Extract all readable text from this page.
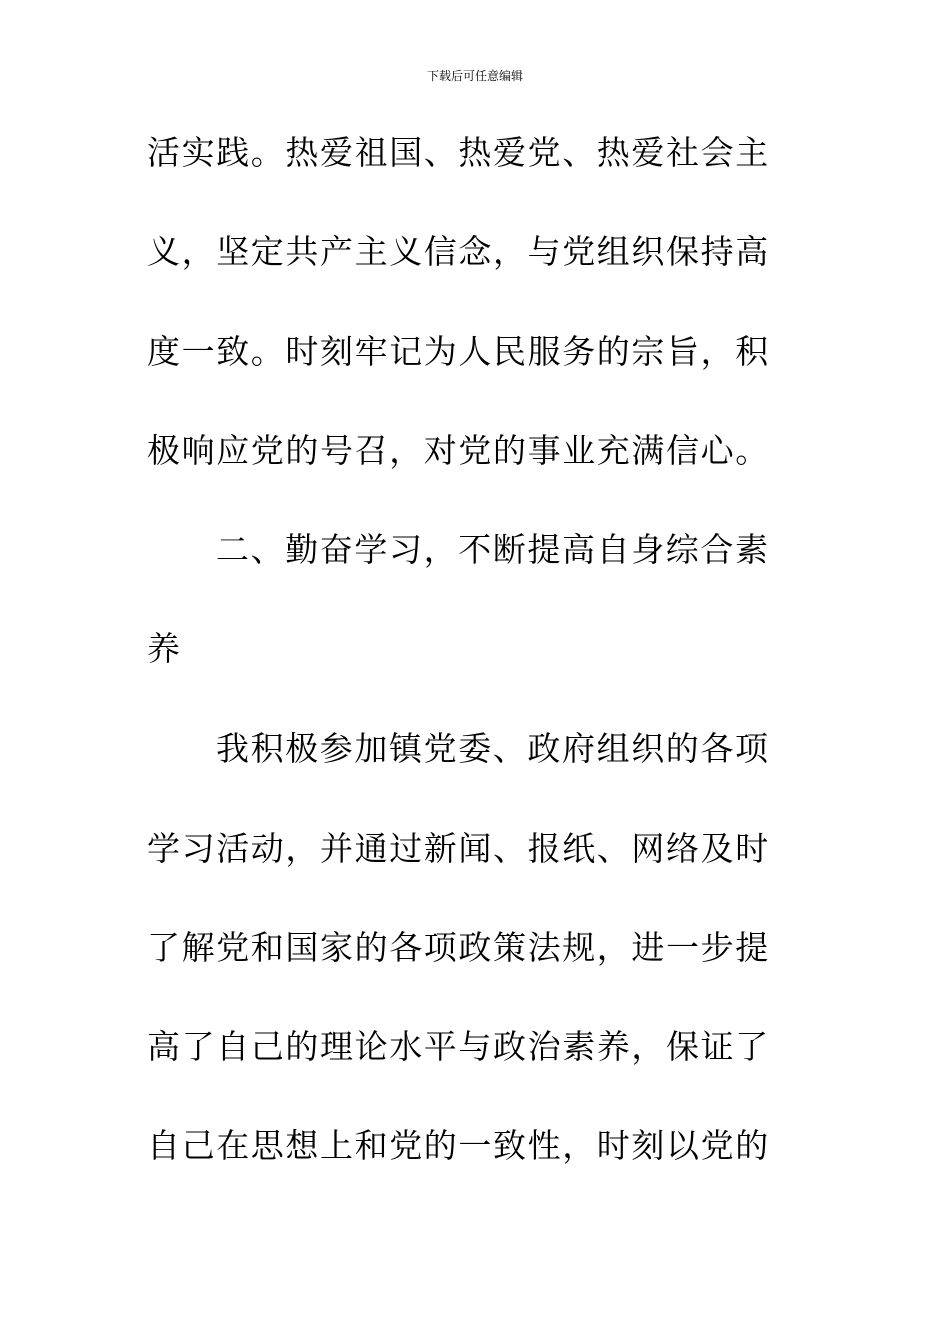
下载后可任意编辑
活实践。热爱祖国、热爱党、热爱社会主
义，坚定共产主义信念，与党组织保持高
度一致。时刻牢记为人民服务的宗旨，积
极响应党的号召，对党的事业充满信心。
二、勤奋学习，不断提高自身综合素
养
我积极参加镇党委、政府组织的各项
学习活动，并通过新闻、报纸、网络及时
了解党和国家的各项政策法规，进一步提
高了自己的理论水平与政治素养，保证了
自己在思想上和党的一致性，时刻以党的
